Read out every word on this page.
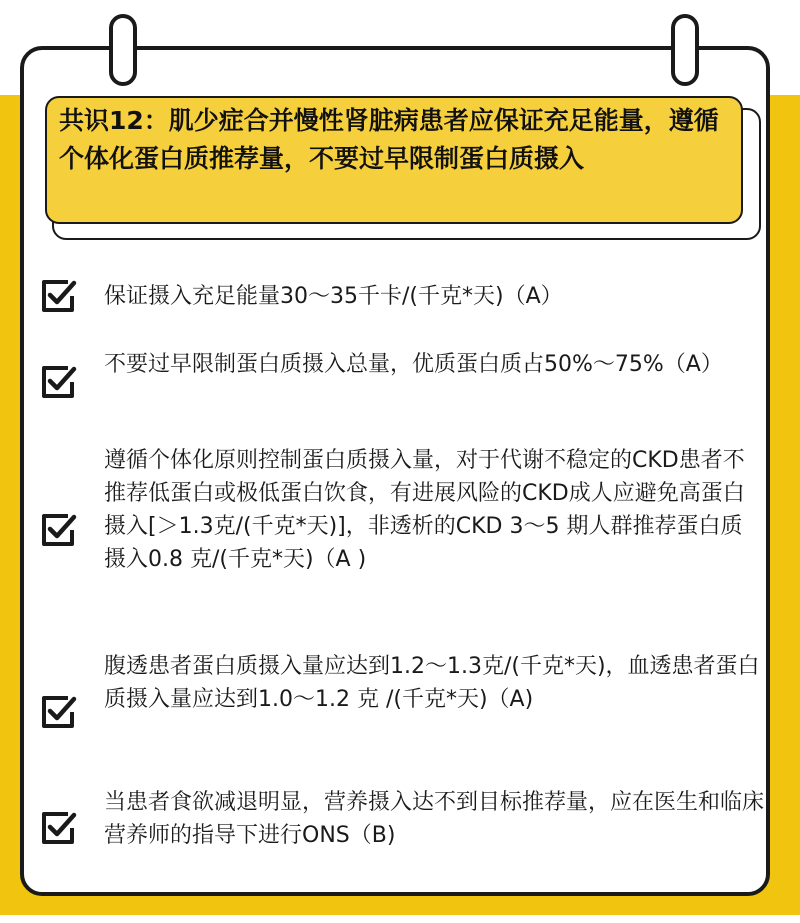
共识12：肌少症合并慢性肾脏病患者应保证充足能量，遵循个体化蛋白质推荐量，不要过早限制蛋白质摄入
保证摄入充足能量30～35千卡/(千克*天)（A）
不要过早限制蛋白质摄入总量，优质蛋白质占50%～75%（A）
遵循个体化原则控制蛋白质摄入量，对于代谢不稳定的CKD患者不推荐低蛋白或极低蛋白饮食，有进展风险的CKD成人应避免高蛋白摄入[＞1.3克/(千克*天)]，非透析的CKD 3～5 期人群推荐蛋白质摄入0.8 克/(千克*天)（A )
腹透患者蛋白质摄入量应达到1.2～1.3克/(千克*天)，血透患者蛋白质摄入量应达到1.0～1.2 克 /(千克*天)（A)
当患者食欲减退明显，营养摄入达不到目标推荐量，应在医生和临床营养师的指导下进行ONS（B)
